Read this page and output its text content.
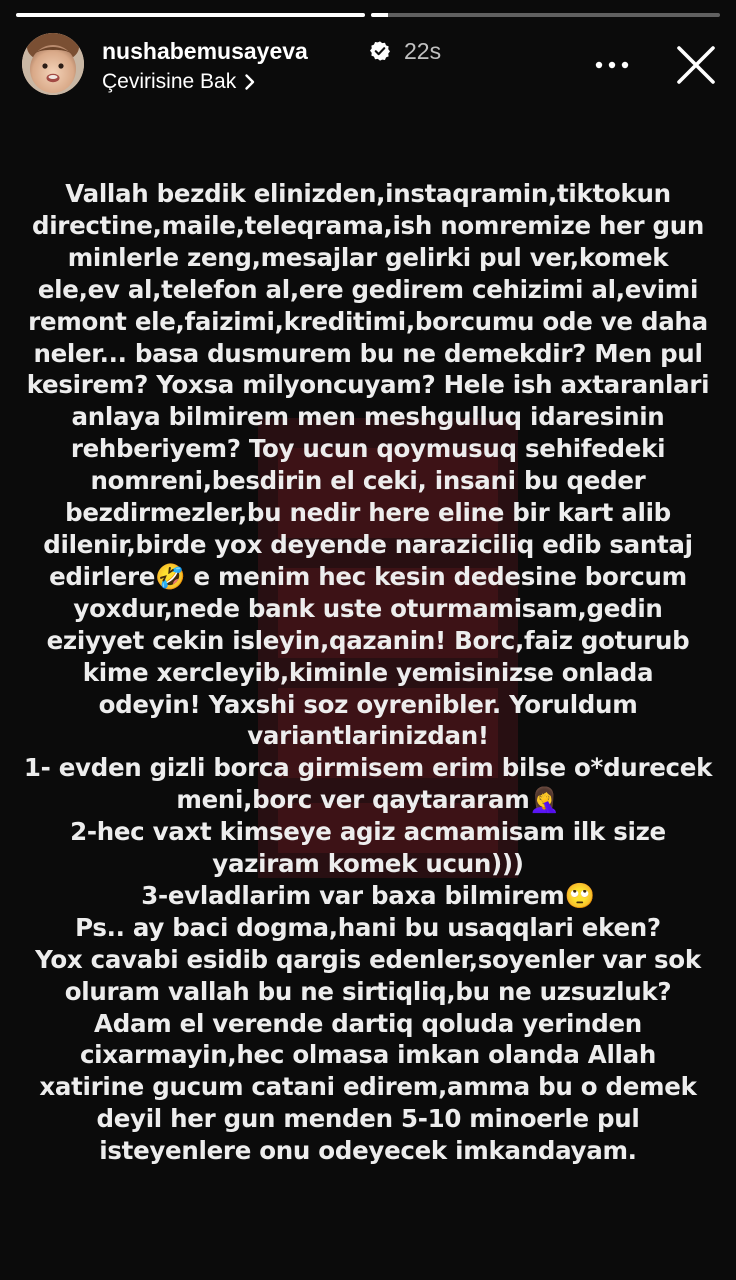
nushabemusayeva	22s
Çevirisine Bak
Vallah bezdik elinizden,instaqramin,tiktokun
directine,maile,teleqrama,ish nomremize her gun
minlerle zeng,mesajlar gelirki pul ver,komek
ele,ev al,telefon al,ere gedirem cehizimi al,evimi
remont ele,faizimi,kreditimi,borcumu ode ve daha
neler... basa dusmurem bu ne demekdir? Men pul
kesirem? Yoxsa milyoncuyam? Hele ish axtaranlari
anlaya bilmirem men meshgulluq idaresinin
rehberiyem? Toy ucun qoymusuq sehifedeki
nomreni,besdirin el ceki, insani bu qeder
bezdirmezler,bu nedir here eline bir kart alib
dilenir,birde yox deyende naraziciliq edib santaj
edirlere🤣 e menim hec kesin dedesine borcum
yoxdur,nede bank uste oturmamisam,gedin
eziyyet cekin isleyin,qazanin! Borc,faiz goturub
kime xercleyib,kiminle yemisinizse onlada
odeyin! Yaxshi soz oyrenibler. Yoruldum
variantlarinizdan!
1- evden gizli borca girmisem erim bilse o*durecek
meni,borc ver qaytararam🤦‍♀️
2-hec vaxt kimseye agiz acmamisam ilk size
yaziram komek ucun)))
3-evladlarim var baxa bilmirem🙄
Ps.. ay baci dogma,hani bu usaqqlari eken?
Yox cavabi esidib qargis edenler,soyenler var sok
oluram vallah bu ne sirtiqliq,bu ne uzsuzluk?
Adam el verende dartiq qoluda yerinden
cixarmayin,hec olmasa imkan olanda Allah
xatirine gucum catani edirem,amma bu o demek
deyil her gun menden 5-10 minoerle pul
isteyenlere onu odeyecek imkandayam.
